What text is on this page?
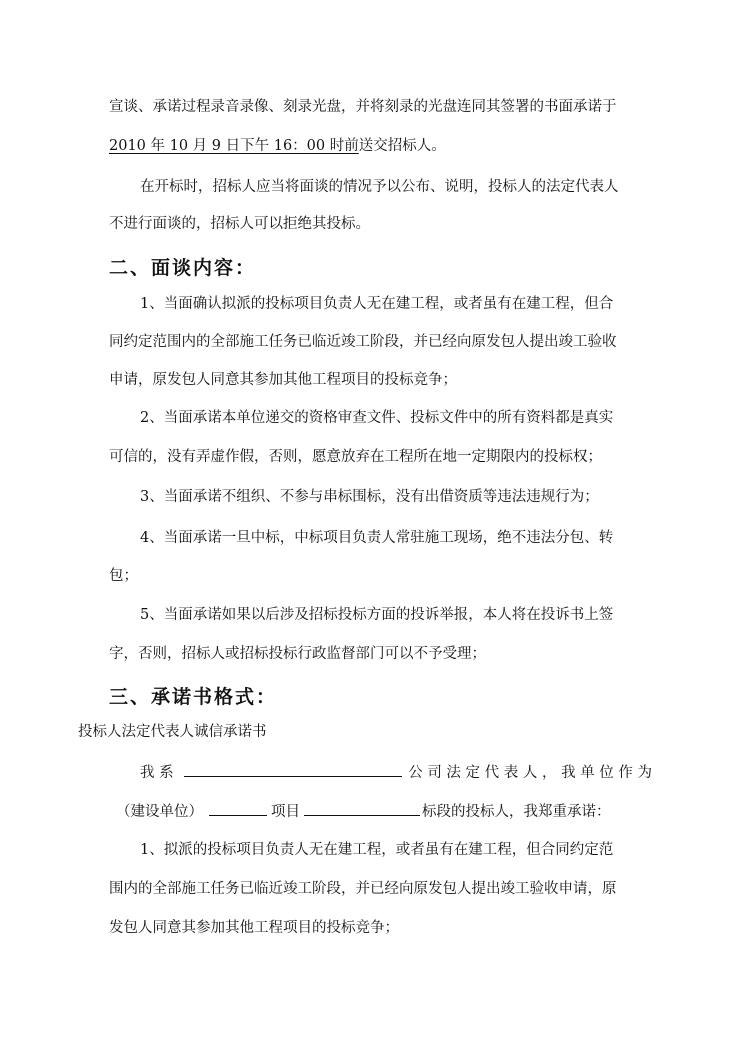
宣谈、承诺过程录音录像、刻录光盘，并将刻录的光盘连同其签署的书面承诺于
2010 年 10 月 9 日下午 16：00 时前送交招标人。
在开标时，招标人应当将面谈的情况予以公布、说明，投标人的法定代表人
不进行面谈的，招标人可以拒绝其投标。
二、面谈内容：
1、当面确认拟派的投标项目负责人无在建工程，或者虽有在建工程，但合
同约定范围内的全部施工任务已临近竣工阶段，并已经向原发包人提出竣工验收
申请，原发包人同意其参加其他工程项目的投标竞争；
2、当面承诺本单位递交的资格审查文件、投标文件中的所有资料都是真实
可信的，没有弄虚作假，否则，愿意放弃在工程所在地一定期限内的投标权；
3、当面承诺不组织、不参与串标围标，没有出借资质等违法违规行为；
4、当面承诺一旦中标，中标项目负责人常驻施工现场，绝不违法分包、转
包；
5、当面承诺如果以后涉及招标投标方面的投诉举报，本人将在投诉书上签
字，否则，招标人或招标投标行政监督部门可以不予受理；
三、承诺书格式：
投标人法定代表人诚信承诺书
我 系	公 司 法 定 代 表 人 ， 我 单 位 作 为
（建设单位）	项目	标段的投标人，我郑重承诺：
1、拟派的投标项目负责人无在建工程，或者虽有在建工程，但合同约定范
围内的全部施工任务已临近竣工阶段，并已经向原发包人提出竣工验收申请，原
发包人同意其参加其他工程项目的投标竞争；
